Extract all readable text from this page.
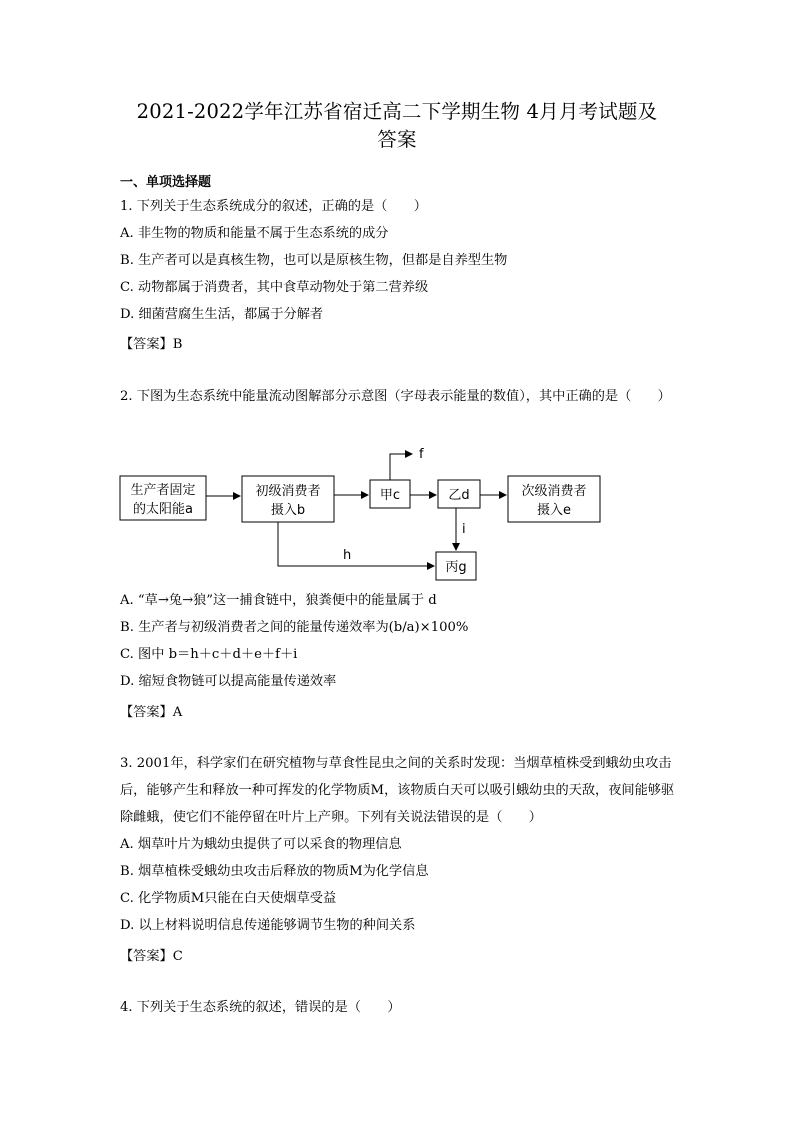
2021-2022学年江苏省宿迁高二下学期生物 4月月考试题及
答案
一、单项选择题
1. 下列关于生态系统成分的叙述，正确的是（　　）
A. 非生物的物质和能量不属于生态系统的成分
B. 生产者可以是真核生物，也可以是原核生物，但都是自养型生物
C. 动物都属于消费者，其中食草动物处于第二营养级
D. 细菌营腐生生活，都属于分解者
【答案】B
2. 下图为生态系统中能量流动图解部分示意图（字母表示能量的数值），其中正确的是（　　）
生产者固定
的太阳能a
初级消费者
摄入b
甲c	乙d	次级消费者
摄入e
丙g
f
i
h
A. “草→兔→狼”这一捕食链中，狼粪便中的能量属于 d
B. 生产者与初级消费者之间的能量传递效率为(b/a)×100%
C. 图中 b＝h＋c＋d＋e＋f＋i
D. 缩短食物链可以提高能量传递效率
【答案】A
3. 2001年，科学家们在研究植物与草食性昆虫之间的关系时发现：当烟草植株受到蛾幼虫攻击后，能够产生和释放一种可挥发的化学物质M，该物质白天可以吸引蛾幼虫的天敌，夜间能够驱除雌蛾，使它们不能停留在叶片上产卵。下列有关说法错误的是（　　）
A. 烟草叶片为蛾幼虫提供了可以采食的物理信息
B. 烟草植株受蛾幼虫攻击后释放的物质M为化学信息
C. 化学物质M只能在白天使烟草受益
D. 以上材料说明信息传递能够调节生物的种间关系
【答案】C
4. 下列关于生态系统的叙述，错误的是（　　）
